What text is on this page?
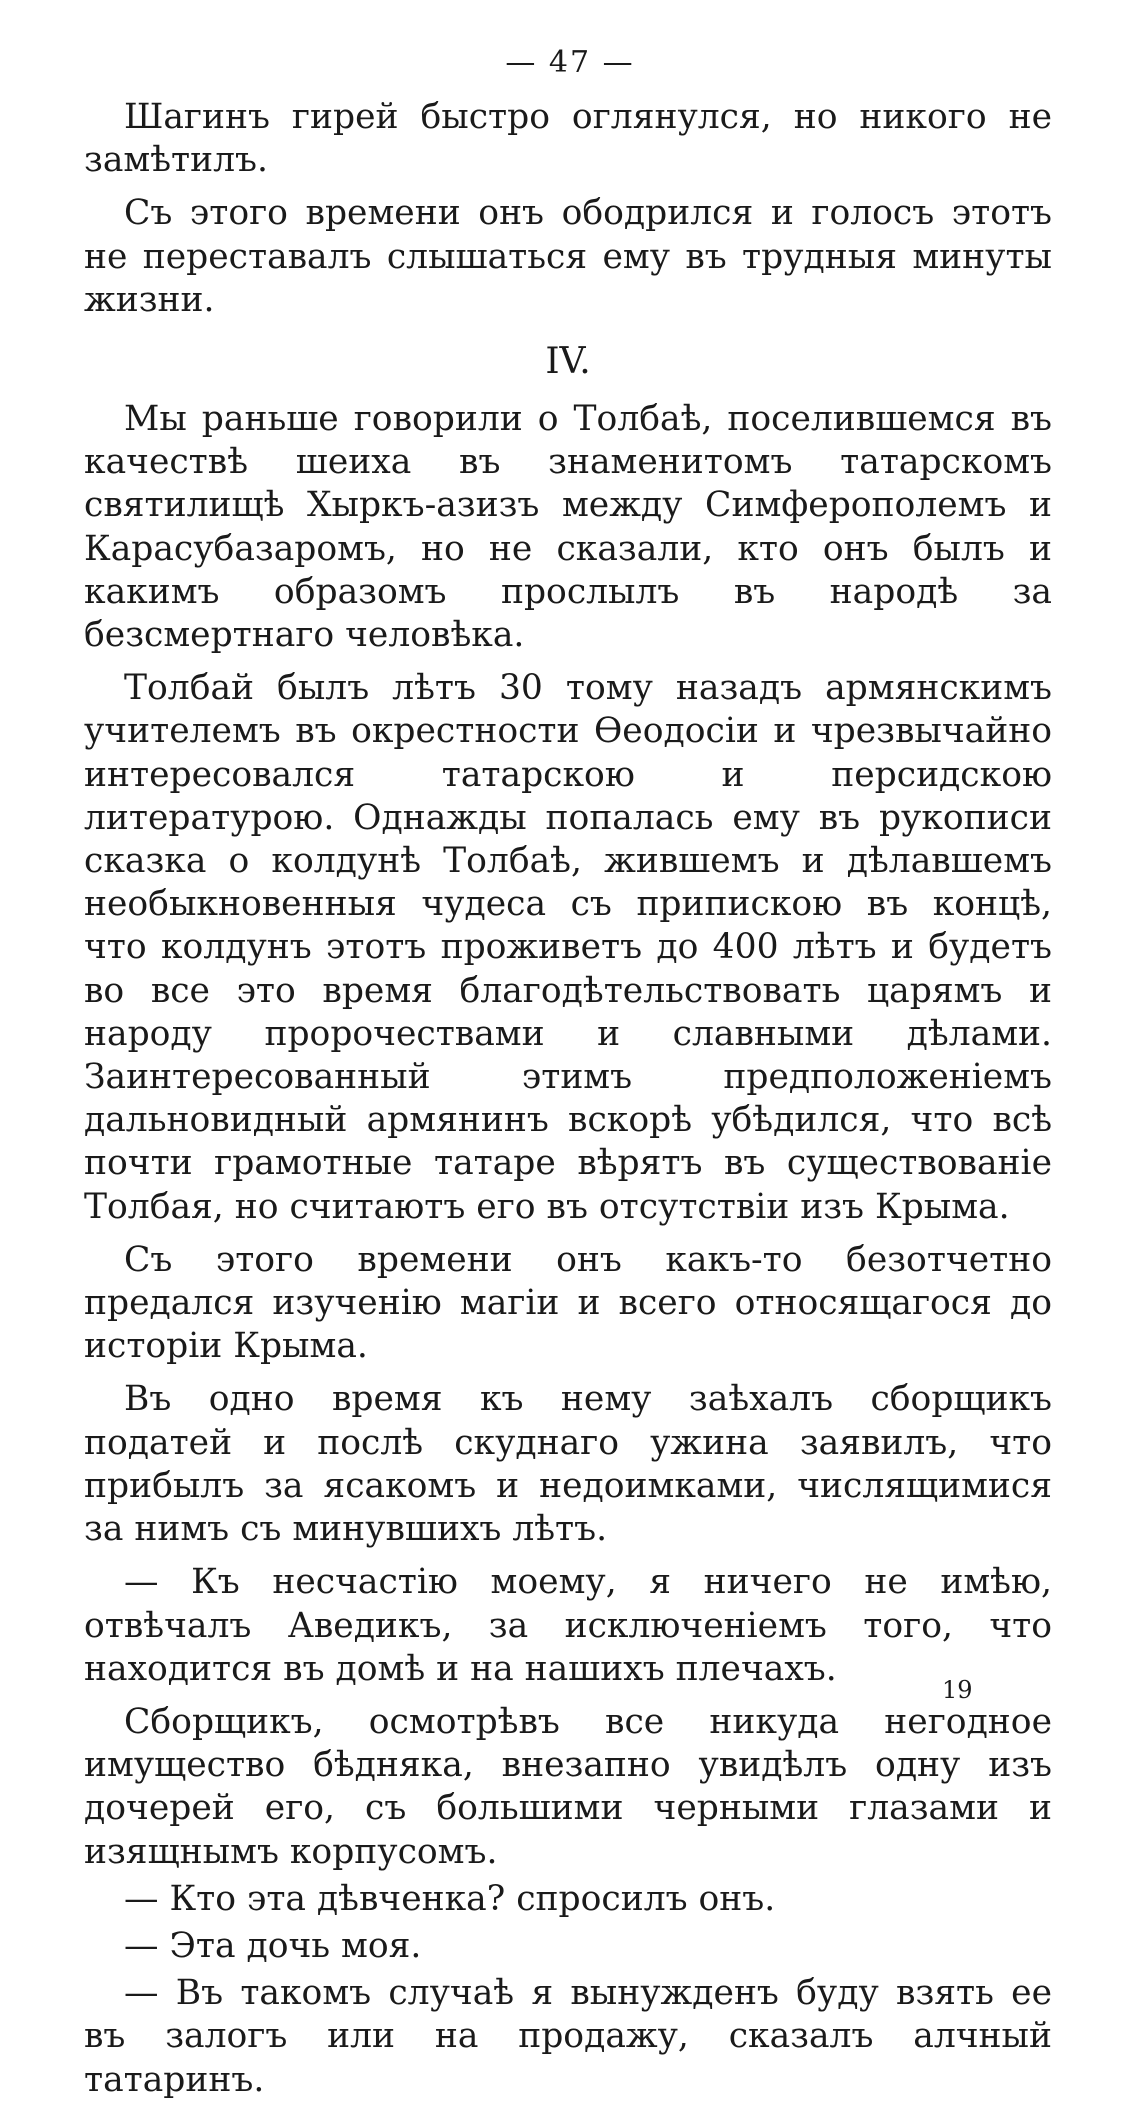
— 47 —

Шагинъ гирей быстро оглянулся, но никого не замѣтилъ.

Съ этого времени онъ ободрился и голосъ этотъ не переставалъ слышаться ему въ трудныя минуты жизни.

IV.

Мы раньше говорили о Толбаѣ, поселившемся въ качествѣ шеиха въ знаменитомъ татарскомъ святилищѣ Хыркъ-азизъ между Симферополемъ и Карасубазаромъ, но не сказали, кто онъ былъ и какимъ образомъ прослылъ въ народѣ за безсмертнаго человѣка.

Толбай былъ лѣтъ 30 тому назадъ армянскимъ учителемъ въ окрестности Ѳеодосіи и чрезвычайно интересовался татарскою и персидскою литературою. Однажды попалась ему въ рукописи сказка о колдунѣ Толбаѣ, жившемъ и дѣлавшемъ необыкновенныя чудеса съ припискою въ концѣ, что колдунъ этотъ проживетъ до 400 лѣтъ и будетъ во все это время благодѣтельствовать царямъ и народу пророчествами и славными дѣлами. Заинтересованный этимъ предположеніемъ дальновидный армянинъ вскорѣ убѣдился, что всѣ почти грамотные татаре вѣрятъ въ существованіе Толбая, но считаютъ его въ отсутствіи изъ Крыма.

Съ этого времени онъ какъ-то безотчетно предался изученію магіи и всего относящагося до исторіи Крыма.

Въ одно время къ нему заѣхалъ сборщикъ податей и послѣ скуднаго ужина заявилъ, что прибылъ за ясакомъ и недоимками, числящимися за нимъ съ минувшихъ лѣтъ.

— Къ несчастію моему, я ничего не имѣю, отвѣчалъ Аведикъ, за исключеніемъ того, что находится въ домѣ и на нашихъ плечахъ.

Сборщикъ, осмотрѣвъ все никуда негодное имущество бѣдняка, внезапно увидѣлъ одну изъ дочерей его, съ большими черными глазами и изящнымъ корпусомъ.

— Кто эта дѣвченка? спросилъ онъ.

— Эта дочь моя.

— Въ такомъ случаѣ я вынужденъ буду взять ее въ залогъ или на продажу, сказалъ алчный татаринъ.

19
